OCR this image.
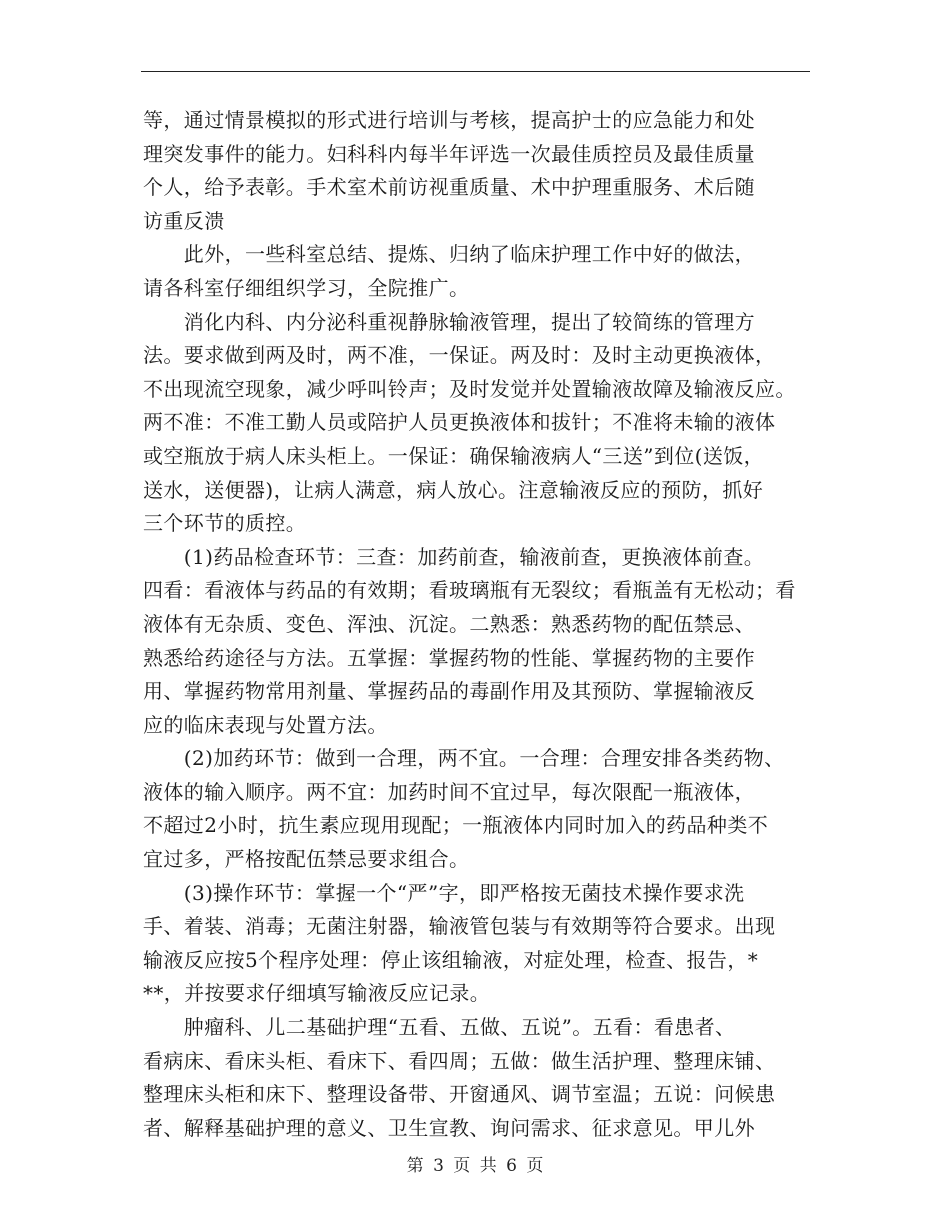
等，通过情景模拟的形式进行培训与考核，提高护士的应急能力和处
理突发事件的能力。妇科科内每半年评选一次最佳质控员及最佳质量
个人，给予表彰。手术室术前访视重质量、术中护理重服务、术后随
访重反溃
　　此外，一些科室总结、提炼、归纳了临床护理工作中好的做法，
请各科室仔细组织学习，全院推广。
　　消化内科、内分泌科重视静脉输液管理，提出了较简练的管理方
法。要求做到两及时，两不准，一保证。两及时：及时主动更换液体，
不出现流空现象，减少呼叫铃声；及时发觉并处置输液故障及输液反应。
两不准：不准工勤人员或陪护人员更换液体和拔针；不准将未输的液体
或空瓶放于病人床头柜上。一保证：确保输液病人“三送”到位(送饭，
送水，送便器)，让病人满意，病人放心。注意输液反应的预防，抓好
三个环节的质控。
　　(1)药品检查环节：三查：加药前查，输液前查，更换液体前查。
四看：看液体与药品的有效期；看玻璃瓶有无裂纹；看瓶盖有无松动；看
液体有无杂质、变色、浑浊、沉淀。二熟悉：熟悉药物的配伍禁忌、
熟悉给药途径与方法。五掌握：掌握药物的性能、掌握药物的主要作
用、掌握药物常用剂量、掌握药品的毒副作用及其预防、掌握输液反
应的临床表现与处置方法。
　　(2)加药环节：做到一合理，两不宜。一合理：合理安排各类药物、
液体的输入顺序。两不宜：加药时间不宜过早，每次限配一瓶液体，
不超过2小时，抗生素应现用现配；一瓶液体内同时加入的药品种类不
宜过多，严格按配伍禁忌要求组合。
　　(3)操作环节：掌握一个“严”字，即严格按无菌技术操作要求洗
手、着装、消毒；无菌注射器，输液管包装与有效期等符合要求。出现
输液反应按5个程序处理：停止该组输液，对症处理，检查、报告，*
**，并按要求仔细填写输液反应记录。
　　肿瘤科、儿二基础护理“五看、五做、五说”。五看：看患者、
看病床、看床头柜、看床下、看四周；五做：做生活护理、整理床铺、
整理床头柜和床下、整理设备带、开窗通风、调节室温；五说：问候患
者、解释基础护理的意义、卫生宣教、询问需求、征求意见。甲儿外
第 3 页 共 6 页
